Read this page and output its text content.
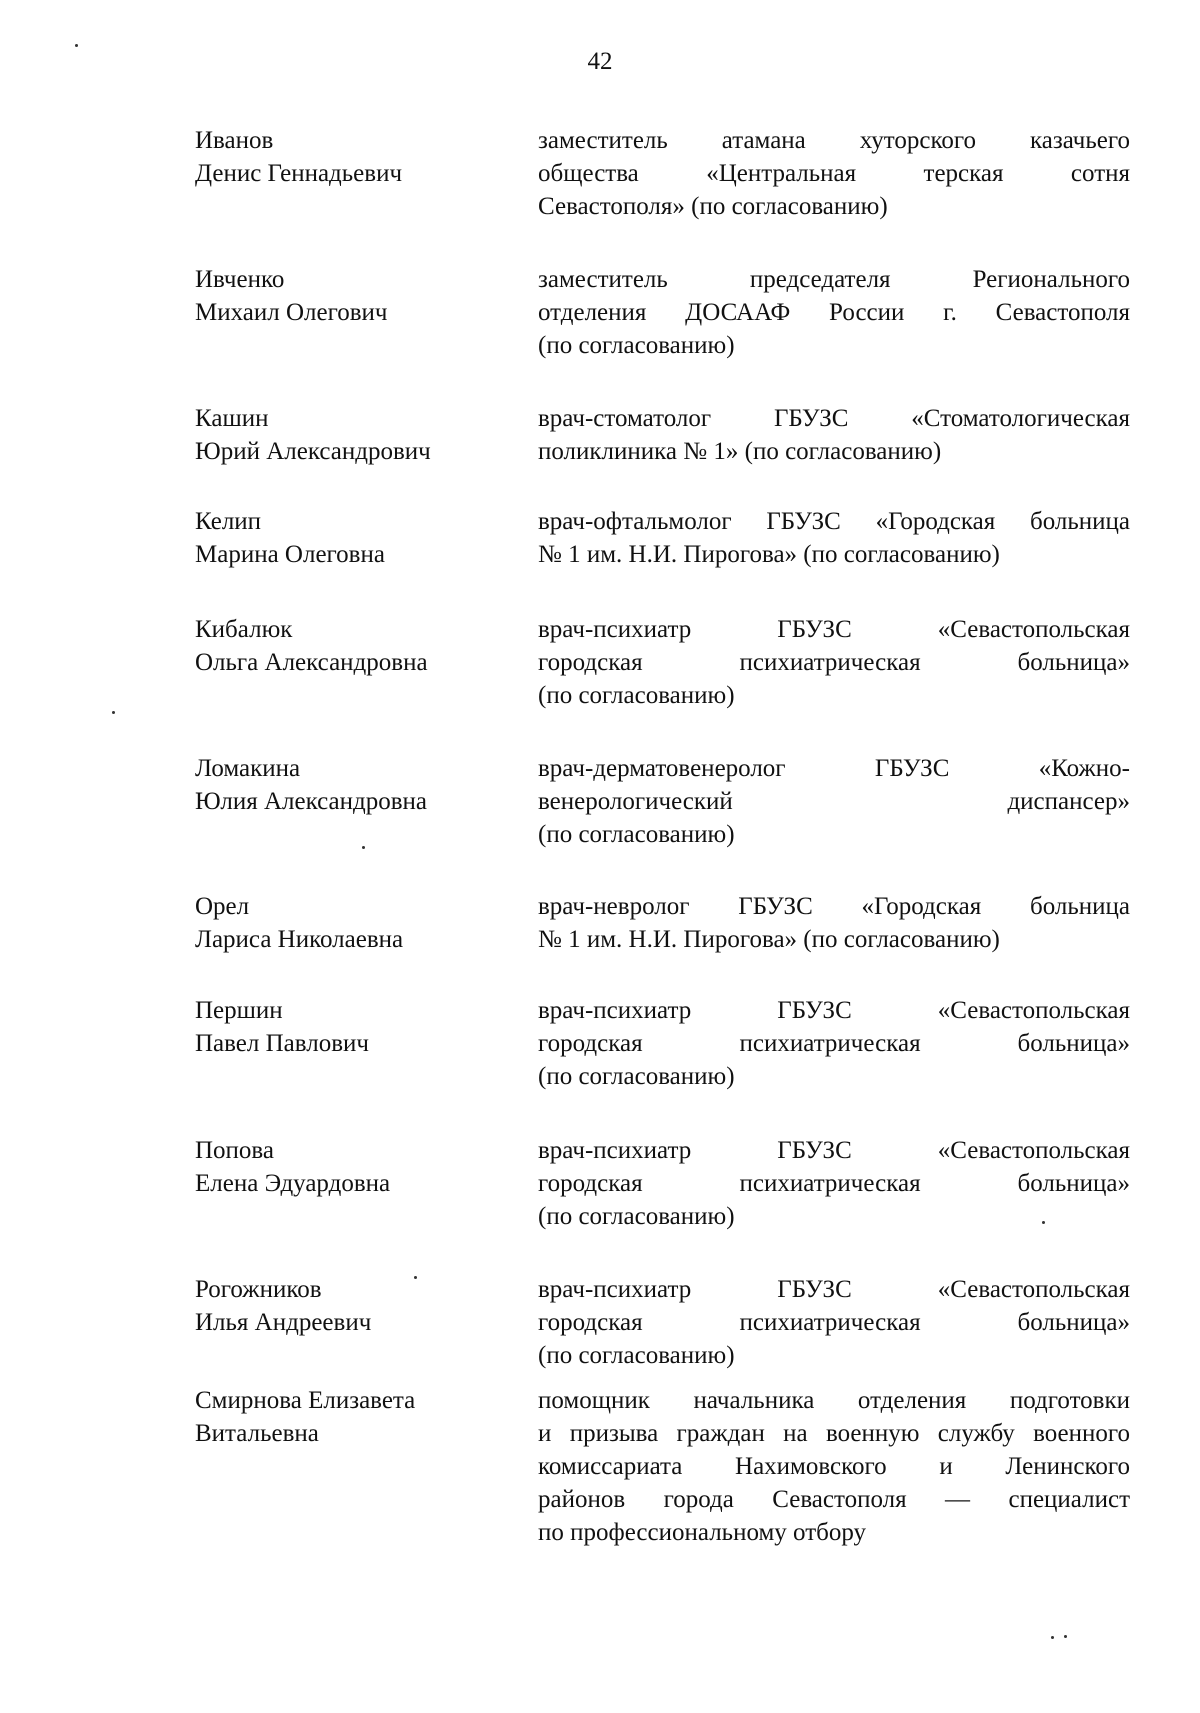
42
Иванов
Денис Геннадьевич
заместитель атамана хуторского казачьего
общества «Центральная терская сотня
Севастополя» (по согласованию)
Ивченко
Михаил Олегович
заместитель председателя Регионального
отделения ДОСААФ России г. Севастополя
(по согласованию)
Кашин
Юрий Александрович
врач-стоматолог ГБУЗС «Стоматологическая
поликлиника № 1» (по согласованию)
Келип
Марина Олеговна
врач-офтальмолог ГБУЗС «Городская больница
№ 1 им. Н.И. Пирогова» (по согласованию)
Кибалюк
Ольга Александровна
врач-психиатр ГБУЗС «Севастопольская
городская психиатрическая больница»
(по согласованию)
Ломакина
Юлия Александровна
врач-дерматовенеролог ГБУЗС «Кожно-
венерологический диспансер»
(по согласованию)
Орел
Лариса Николаевна
врач-невролог ГБУЗС «Городская больница
№ 1 им. Н.И. Пирогова» (по согласованию)
Першин
Павел Павлович
врач-психиатр ГБУЗС «Севастопольская
городская психиатрическая больница»
(по согласованию)
Попова
Елена Эдуардовна
врач-психиатр ГБУЗС «Севастопольская
городская психиатрическая больница»
(по согласованию)
Рогожников
Илья Андреевич
врач-психиатр ГБУЗС «Севастопольская
городская психиатрическая больница»
(по согласованию)
Смирнова Елизавета
Витальевна
помощник начальника отделения подготовки
и призыва граждан на военную службу военного
комиссариата Нахимовского и Ленинского
районов города Севастополя — специалист
по профессиональному отбору
